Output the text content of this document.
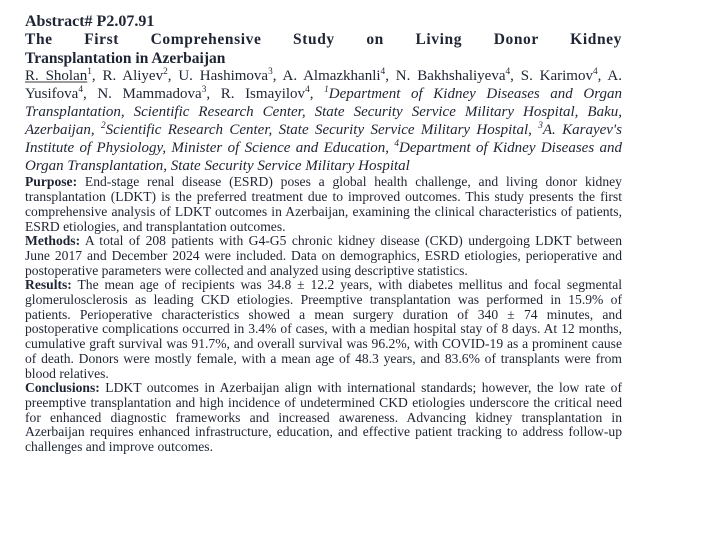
Abstract# P2.07.91
The First Comprehensive Study on Living Donor Kidney
Transplantation in Azerbaijan

R. Sholan$^1$, R. Aliyev$^2$, U. Hashimova$^3$, A. Almazkhanli$^4$, N. Bakhshaliyeva$^4$, S. Karimov$^4$, A. Yusifova$^4$, N. Mammadova$^3$, R. Ismayilov$^4$, $^1$Department of Kidney Diseases and Organ Transplantation, Scientific Research Center, State Security Service Military Hospital, Baku, Azerbaijan, $^2$Scientific Research Center, State Security Service Military Hospital, $^3$A. Karayev's Institute of Physiology, Minister of Science and Education, $^4$Department of Kidney Diseases and Organ Transplantation, State Security Service Military Hospital

Purpose: End-stage renal disease (ESRD) poses a global health challenge, and living donor kidney transplantation (LDKT) is the preferred treatment due to improved outcomes. This study presents the first comprehensive analysis of LDKT outcomes in Azerbaijan, examining the clinical characteristics of patients, ESRD etiologies, and transplantation outcomes.

Methods: A total of 208 patients with G4-G5 chronic kidney disease (CKD) undergoing LDKT between June 2017 and December 2024 were included. Data on demographics, ESRD etiologies, perioperative and postoperative parameters were collected and analyzed using descriptive statistics.

Results: The mean age of recipients was 34.8 ± 12.2 years, with diabetes mellitus and focal segmental glomerulosclerosis as leading CKD etiologies. Preemptive transplantation was performed in 15.9% of patients. Perioperative characteristics showed a mean surgery duration of 340 ± 74 minutes, and postoperative complications occurred in 3.4% of cases, with a median hospital stay of 8 days. At 12 months, cumulative graft survival was 91.7%, and overall survival was 96.2%, with COVID-19 as a prominent cause of death. Donors were mostly female, with a mean age of 48.3 years, and 83.6% of transplants were from blood relatives.

Conclusions: LDKT outcomes in Azerbaijan align with international standards; however, the low rate of preemptive transplantation and high incidence of undetermined CKD etiologies underscore the critical need for enhanced diagnostic frameworks and increased awareness. Advancing kidney transplantation in Azerbaijan requires enhanced infrastructure, education, and effective patient tracking to address follow-up challenges and improve outcomes.
